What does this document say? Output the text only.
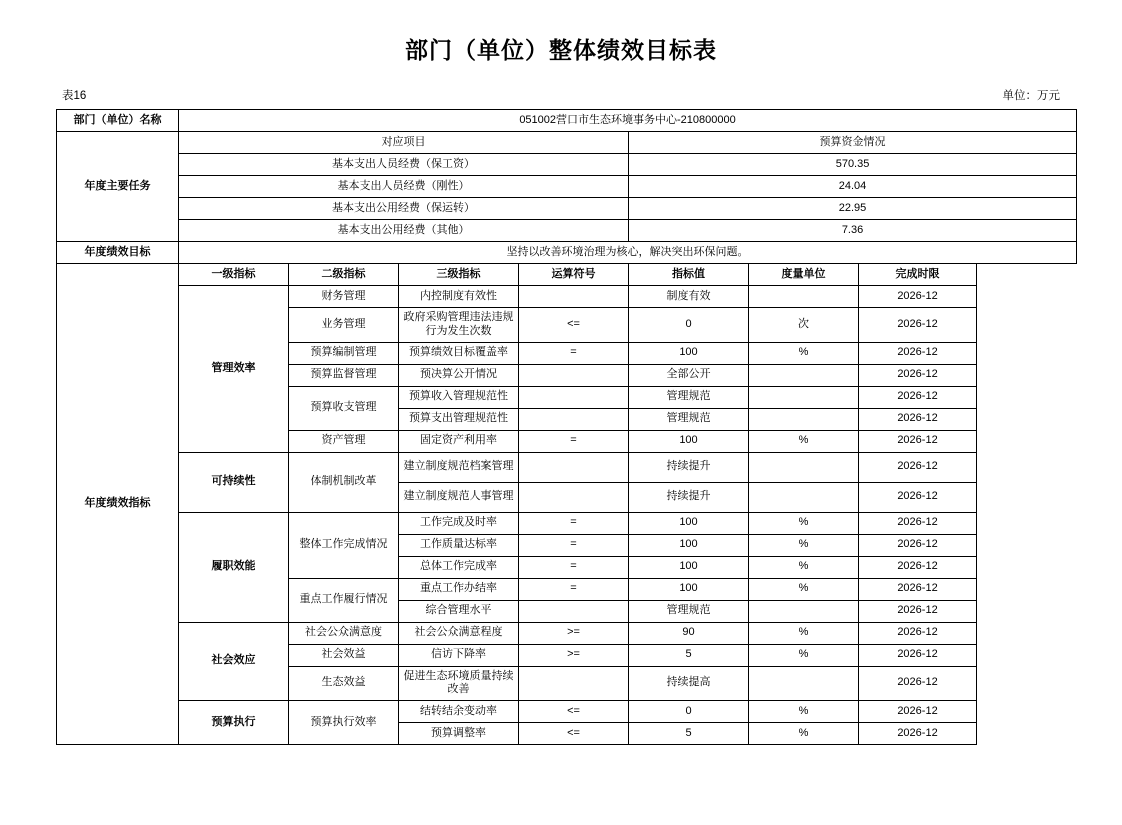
部门（单位）整体绩效目标表
表16	单位：万元
部门（单位）名称	051002营口市生态环境事务中心-210800000						
年度主要任务	对应项目				预算资金情况		
	基本支出人员经费（保工资）				570.35		
	基本支出人员经费（刚性）				24.04		
	基本支出公用经费（保运转）				22.95		
	基本支出公用经费（其他）				7.36		
年度绩效目标	坚持以改善环境治理为核心，解决突出环保问题。						
年度绩效指标	一级指标	二级指标	三级指标	运算符号	指标值	度量单位	完成时限
	管理效率	财务管理	内控制度有效性		制度有效		2026-12
		业务管理	政府采购管理违法违规行为发生次数	<=	0	次	2026-12
		预算编制管理	预算绩效目标覆盖率	=	100	%	2026-12
		预算监督管理	预决算公开情况		全部公开		2026-12
		预算收支管理	预算收入管理规范性		管理规范		2026-12
			预算支出管理规范性		管理规范		2026-12
		资产管理	固定资产利用率	=	100	%	2026-12
	可持续性	体制机制改革	建立制度规范档案管理		持续提升		2026-12
			建立制度规范人事管理		持续提升		2026-12
	履职效能	整体工作完成情况	工作完成及时率	=	100	%	2026-12
			工作质量达标率	=	100	%	2026-12
			总体工作完成率	=	100	%	2026-12
		重点工作履行情况	重点工作办结率	=	100	%	2026-12
			综合管理水平		管理规范		2026-12
	社会效应	社会公众满意度	社会公众满意程度	>=	90	%	2026-12
		社会效益	信访下降率	>=	5	%	2026-12
		生态效益	促进生态环境质量持续改善		持续提高		2026-12
	预算执行	预算执行效率	结转结余变动率	<=	0	%	2026-12
			预算调整率	<=	5	%	2026-12
